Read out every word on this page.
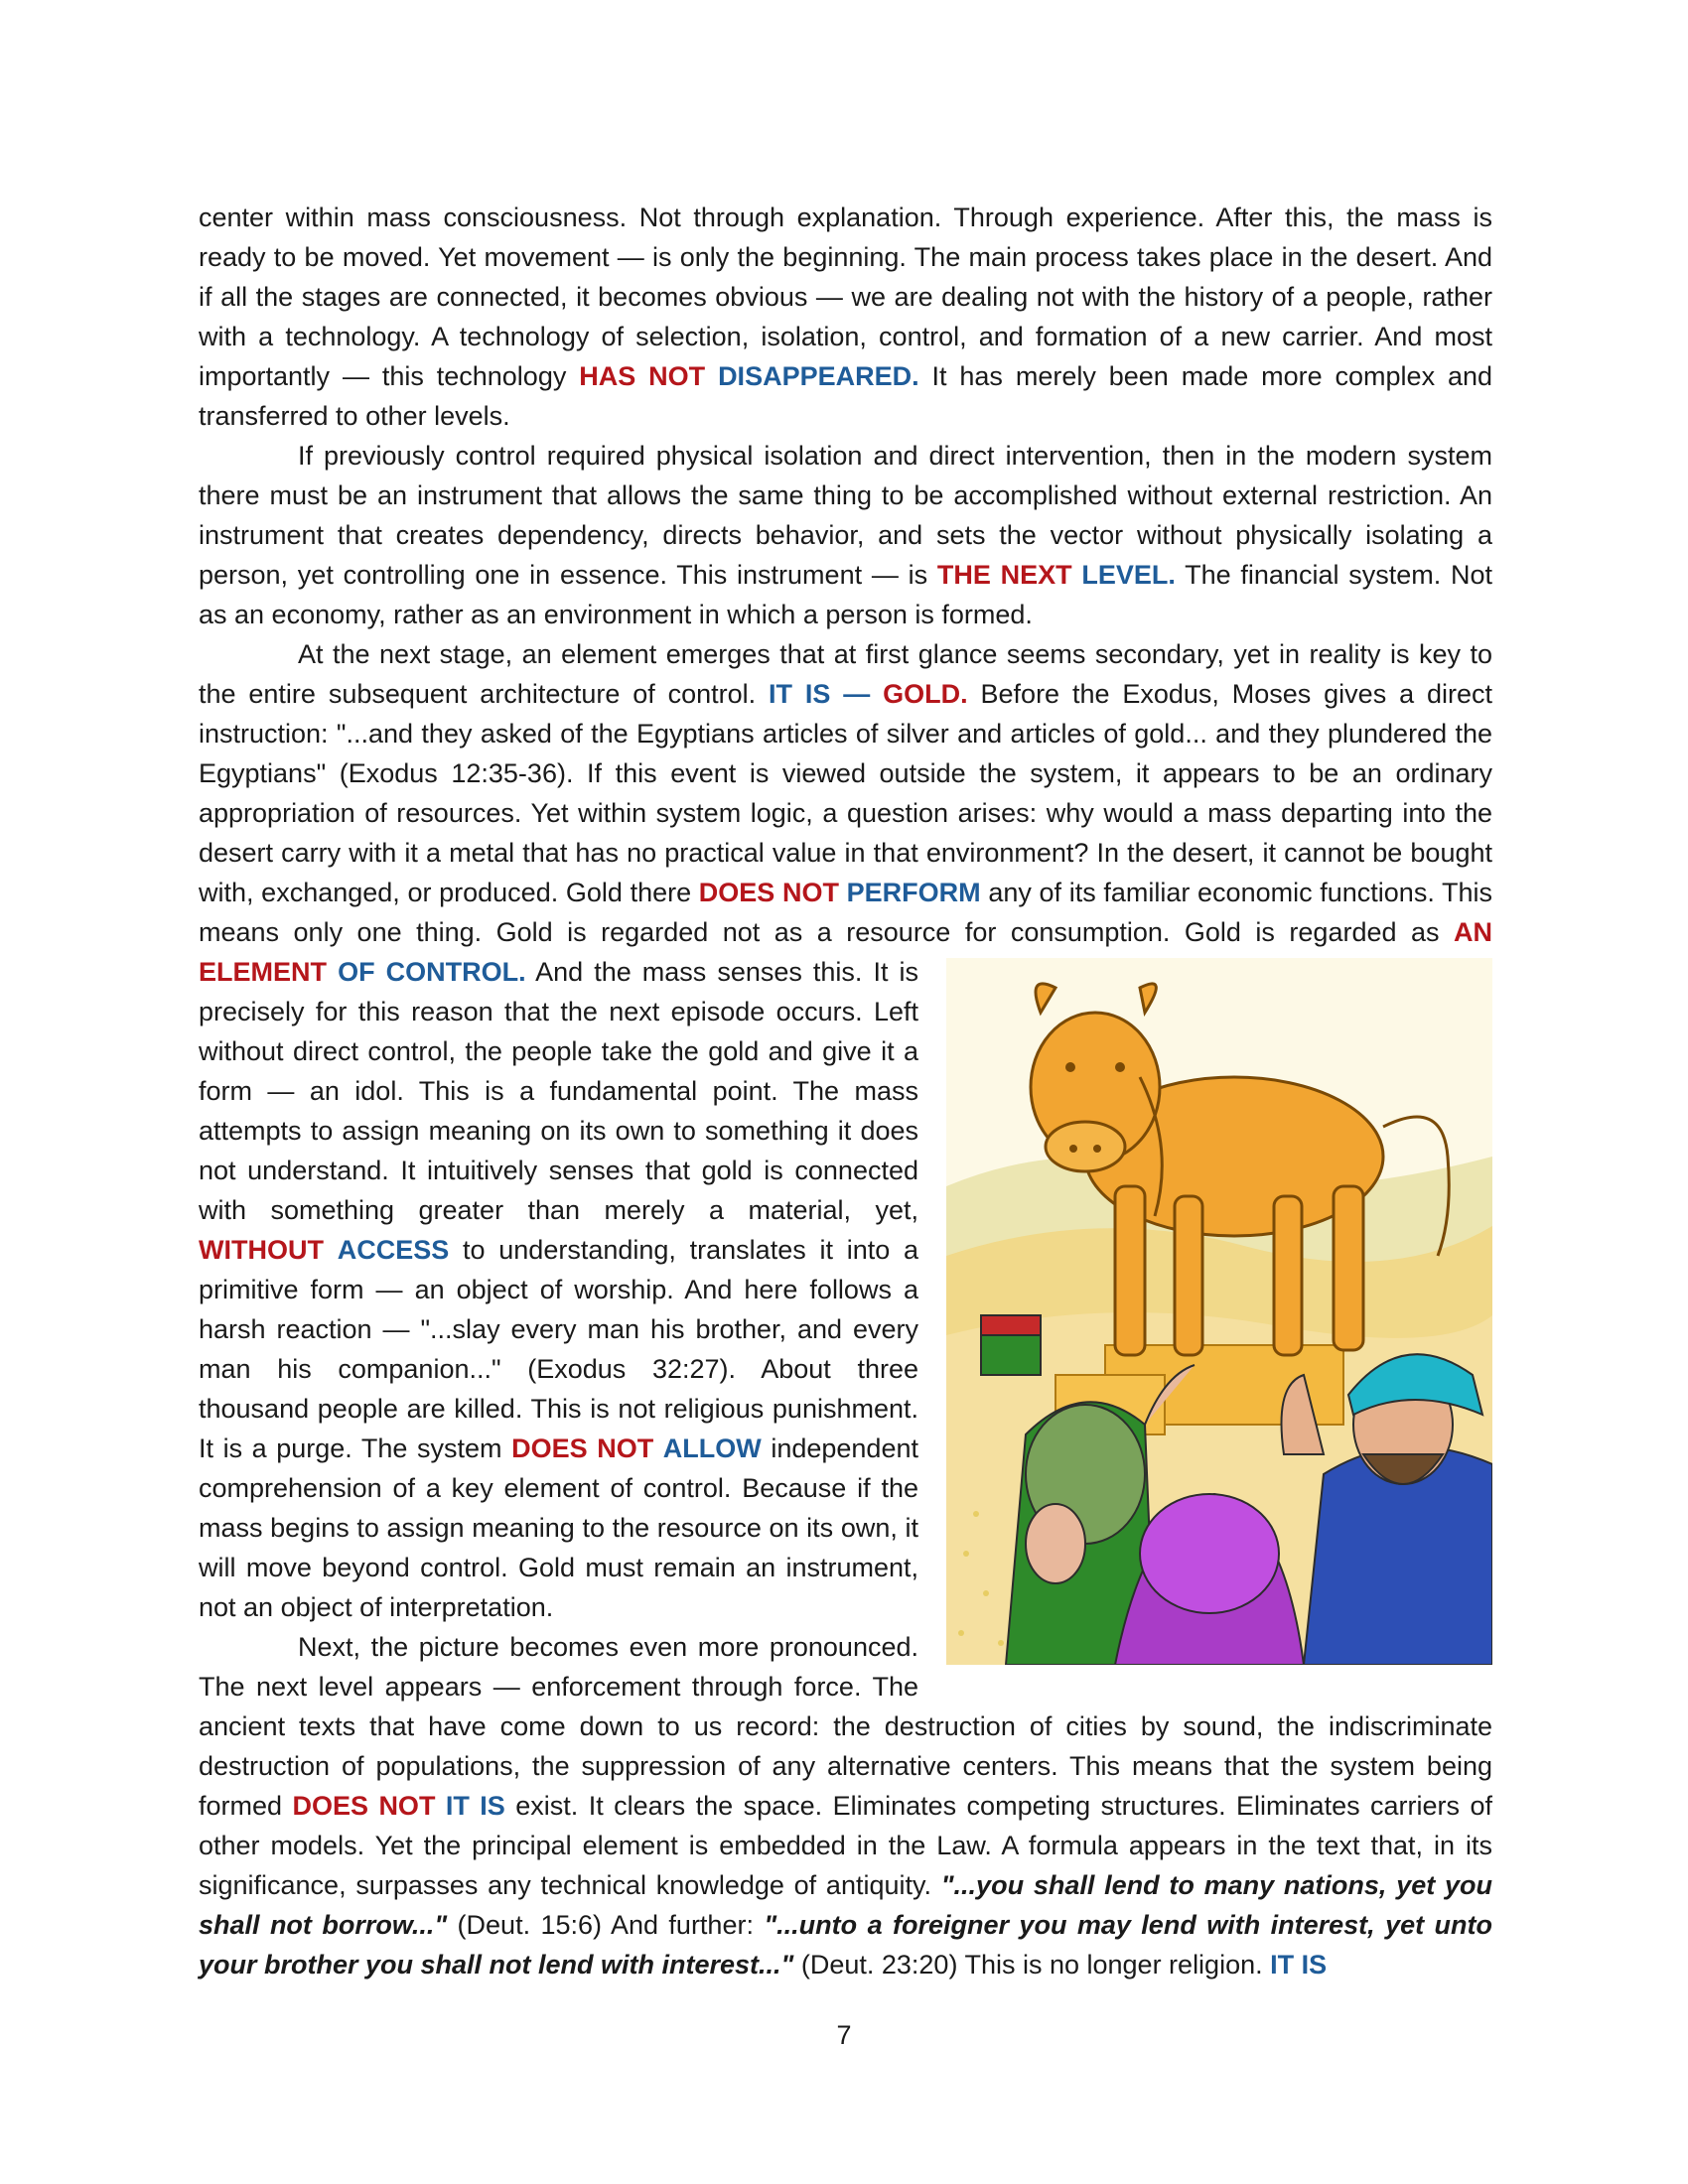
center within mass consciousness. Not through explanation. Through experience. After this, the mass is ready to be moved. Yet movement — is only the beginning. The main process takes place in the desert. And if all the stages are connected, it becomes obvious — we are dealing not with the history of a people, rather with a technology. A technology of selection, isolation, control, and formation of a new carrier. And most importantly — this technology HAS NOT DISAPPEARED. It has merely been made more complex and transferred to other levels.

If previously control required physical isolation and direct intervention, then in the modern system there must be an instrument that allows the same thing to be accomplished without external restriction. An instrument that creates dependency, directs behavior, and sets the vector without physically isolating a person, yet controlling one in essence. This instrument — is THE NEXT LEVEL. The financial system. Not as an economy, rather as an environment in which a person is formed.

At the next stage, an element emerges that at first glance seems secondary, yet in reality is key to the entire subsequent architecture of control. IT IS — GOLD. Before the Exodus, Moses gives a direct instruction: "...and they asked of the Egyptians articles of silver and articles of gold... and they plundered the Egyptians" (Exodus 12:35-36). If this event is viewed outside the system, it appears to be an ordinary appropriation of resources. Yet within system logic, a question arises: why would a mass departing into the desert carry with it a metal that has no practical value in that environment? In the desert, it cannot be bought with, exchanged, or produced. Gold there DOES NOT PERFORM any of its familiar economic functions. This means only one thing. Gold is regarded not as a resource for consumption. Gold is regarded as AN ELEMENT OF CONTROL.
And the mass senses this. It is precisely for this reason that the next episode occurs. Left without direct control, the people take the gold and give it a form — an idol. This is a fundamental point. The mass attempts to assign meaning on its own to something it does not understand. It intuitively senses that gold is connected with something greater than merely a material, yet, WITHOUT ACCESS to understanding, translates it into a primitive form — an object of worship. And here follows a harsh reaction — "...slay every man his brother, and every man his companion..." (Exodus 32:27). About three thousand people are killed. This is not religious punishment. It is a purge. The system DOES NOT ALLOW independent comprehension of a key element of control. Because if the mass begins to assign meaning to the resource on its own, it will move beyond control. Gold must remain an instrument, not an object of interpretation.

Next, the picture becomes even more pronounced. The next level appears — enforcement through force. The ancient texts that have come down to us record: the destruction of cities by sound, the indiscriminate destruction of populations, the suppression of any alternative centers. This means that the system being formed DOES NOT IT IS exist. It clears the space. Eliminates competing structures. Eliminates carriers of other models. Yet the principal element is embedded in the Law. A formula appears in the text that, in its significance, surpasses any technical knowledge of antiquity. "...you shall lend to many nations, yet you shall not borrow..." (Deut. 15:6) And further: "...unto a foreigner you may lend with interest, yet unto your brother you shall not lend with interest..." (Deut. 23:20) This is no longer religion. IT IS

7
